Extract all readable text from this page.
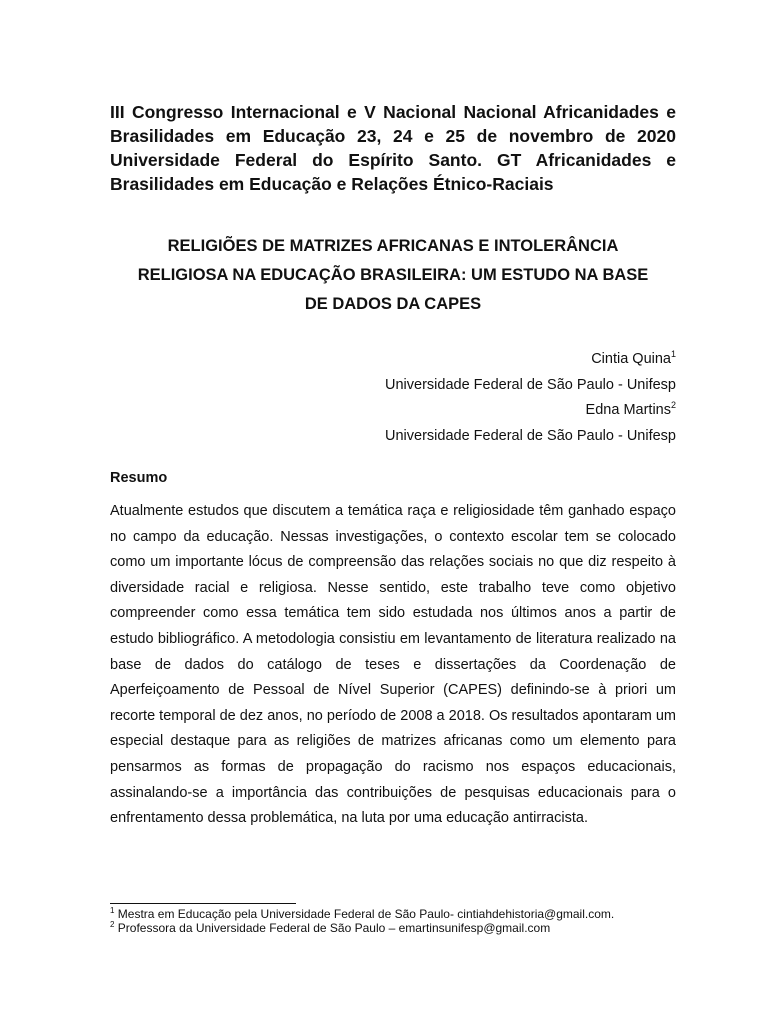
III Congresso Internacional e V Nacional Nacional Africanidades e Brasilidades em Educação 23, 24 e 25 de novembro de 2020 Universidade Federal do Espírito Santo. GT Africanidades e Brasilidades em Educação e Relações Étnico-Raciais
RELIGIÕES DE MATRIZES AFRICANAS E INTOLERÂNCIA
RELIGIOSA NA EDUCAÇÃO BRASILEIRA: UM ESTUDO NA BASE
DE DADOS DA CAPES
Cintia Quina$^1$
Universidade Federal de São Paulo - Unifesp
Edna Martins$^2$
Universidade Federal de São Paulo - Unifesp
Resumo

Atualmente estudos que discutem a temática raça e religiosidade têm ganhado espaço no campo da educação. Nessas investigações, o contexto escolar tem se colocado como um importante lócus de compreensão das relações sociais no que diz respeito à diversidade racial e religiosa. Nesse sentido, este trabalho teve como objetivo compreender como essa temática tem sido estudada nos últimos anos a partir de estudo bibliográfico. A metodologia consistiu em levantamento de literatura realizado na base de dados do catálogo de teses e dissertações da Coordenação de Aperfeiçoamento de Pessoal de Nível Superior (CAPES) definindo-se à priori um recorte temporal de dez anos, no período de 2008 a 2018. Os resultados apontaram um especial destaque para as religiões de matrizes africanas como um elemento para pensarmos as formas de propagação do racismo nos espaços educacionais, assinalando-se a importância das contribuições de pesquisas educacionais para o enfrentamento dessa problemática, na luta por uma educação antirracista.

$^1$ Mestra em Educação pela Universidade Federal de São Paulo- cintiahdehistoria@gmail.com.
$^2$ Professora da Universidade Federal de São Paulo – emartinsunifesp@gmail.com
